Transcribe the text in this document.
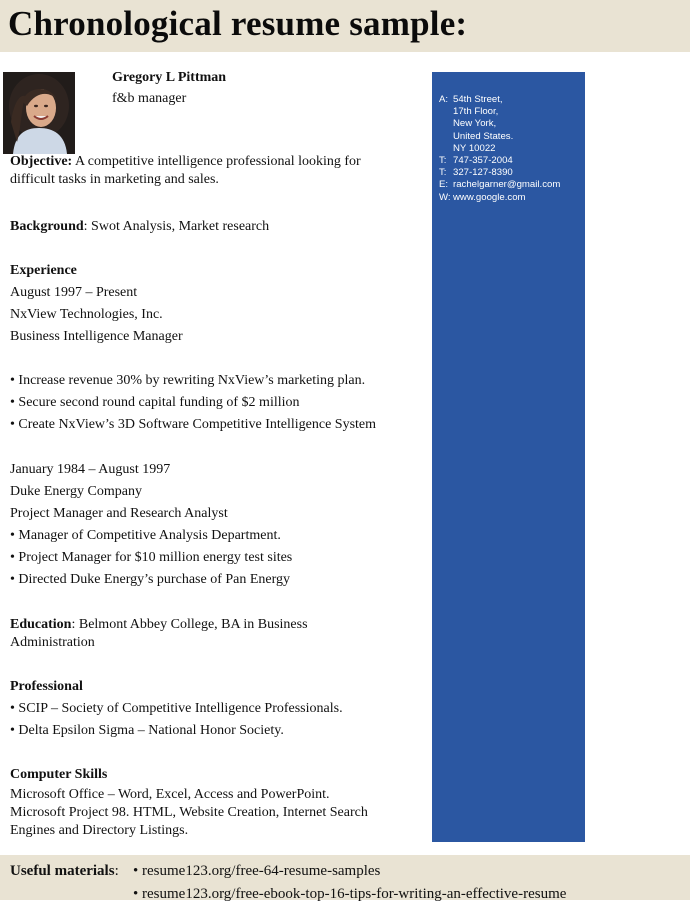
Chronological resume sample:
Gregory L Pittman
f&b manager
Objective: A competitive intelligence professional looking for
difficult tasks in marketing and sales.
Background: Swot Analysis, Market research
Experience
August 1997 – Present
NxView Technologies, Inc.
Business Intelligence Manager
• Increase revenue 30% by rewriting NxView’s marketing plan.
• Secure second round capital funding of $2 million
• Create NxView’s 3D Software Competitive Intelligence System
January 1984 – August 1997
Duke Energy Company
Project Manager and Research Analyst
• Manager of Competitive Analysis Department.
• Project Manager for $10 million energy test sites
• Directed Duke Energy’s purchase of Pan Energy
Education: Belmont Abbey College, BA in Business
Administration
Professional
• SCIP – Society of Competitive Intelligence Professionals.
• Delta Epsilon Sigma – National Honor Society.
Computer Skills
Microsoft Office – Word, Excel, Access and PowerPoint.
Microsoft Project 98. HTML, Website Creation, Internet Search
Engines and Directory Listings.
A: 54th Street,
17th Floor,
New York,
United States.
NY 10022
T: 747-357-2004
T: 327-127-8390
E: rachelgarner@gmail.com
W: www.google.com
Useful materials: • resume123.org/free-64-resume-samples
• resume123.org/free-ebook-top-16-tips-for-writing-an-effective-resume
